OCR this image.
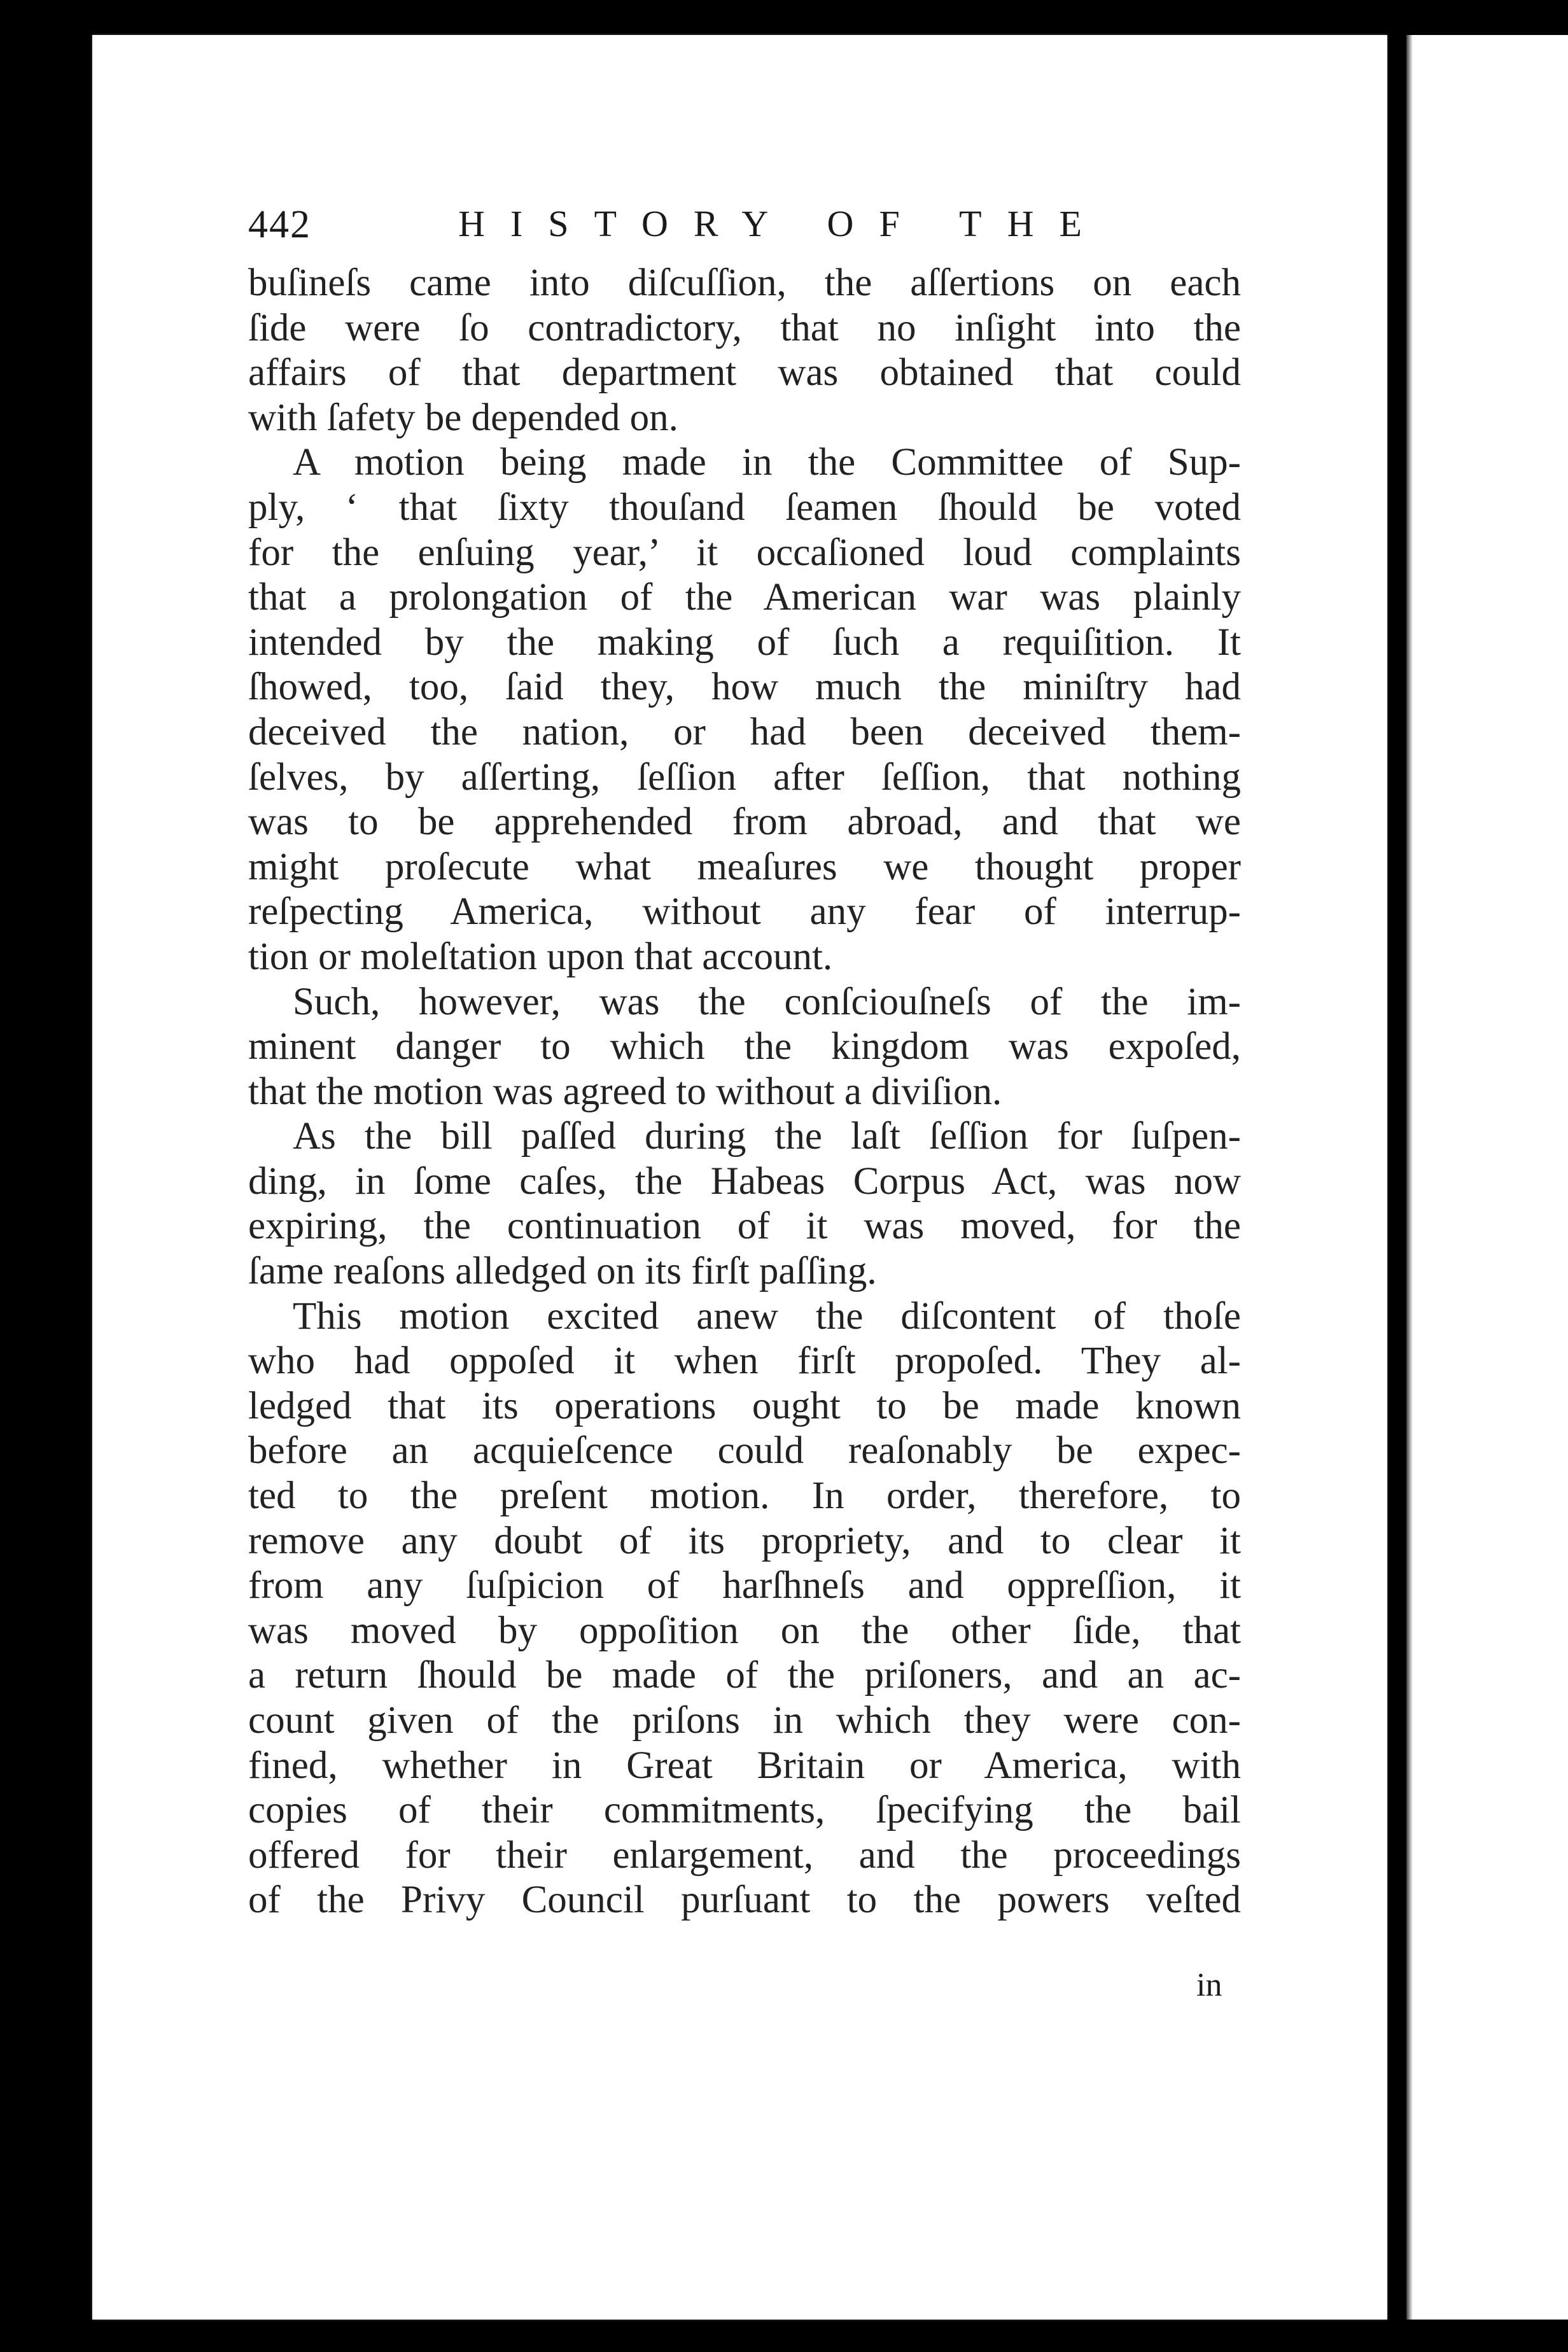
442	HISTORY OF THE
buſineſs came into diſcuſſion, the aſſertions on each
ſide were ſo contradictory, that no inſight into the
affairs of that department was obtained that could
with ſafety be depended on.
A motion being made in the Committee of Sup-
ply, ‘ that ſixty thouſand ſeamen ſhould be voted
for the enſuing year,’ it occaſioned loud complaints
that a prolongation of the American war was plainly
intended by the making of ſuch a requiſition. It
ſhowed, too, ſaid they, how much the miniſtry had
deceived the nation, or had been deceived them-
ſelves, by aſſerting, ſeſſion after ſeſſion, that nothing
was to be apprehended from abroad, and that we
might proſecute what meaſures we thought proper
reſpecting America, without any fear of interrup-
tion or moleſtation upon that account.
Such, however, was the conſciouſneſs of the im-
minent danger to which the kingdom was expoſed,
that the motion was agreed to without a diviſion.
As the bill paſſed during the laſt ſeſſion for ſuſpen-
ding, in ſome caſes, the Habeas Corpus Act, was now
expiring, the continuation of it was moved, for the
ſame reaſons alledged on its firſt paſſing.
This motion excited anew the diſcontent of thoſe
who had oppoſed it when firſt propoſed. They al-
ledged that its operations ought to be made known
before an acquieſcence could reaſonably be expec-
ted to the preſent motion. In order, therefore, to
remove any doubt of its propriety, and to clear it
from any ſuſpicion of harſhneſs and oppreſſion, it
was moved by oppoſition on the other ſide, that
a return ſhould be made of the priſoners, and an ac-
count given of the priſons in which they were con-
fined, whether in Great Britain or America, with
copies of their commitments, ſpecifying the bail
offered for their enlargement, and the proceedings
of the Privy Council purſuant to the powers veſted
in
